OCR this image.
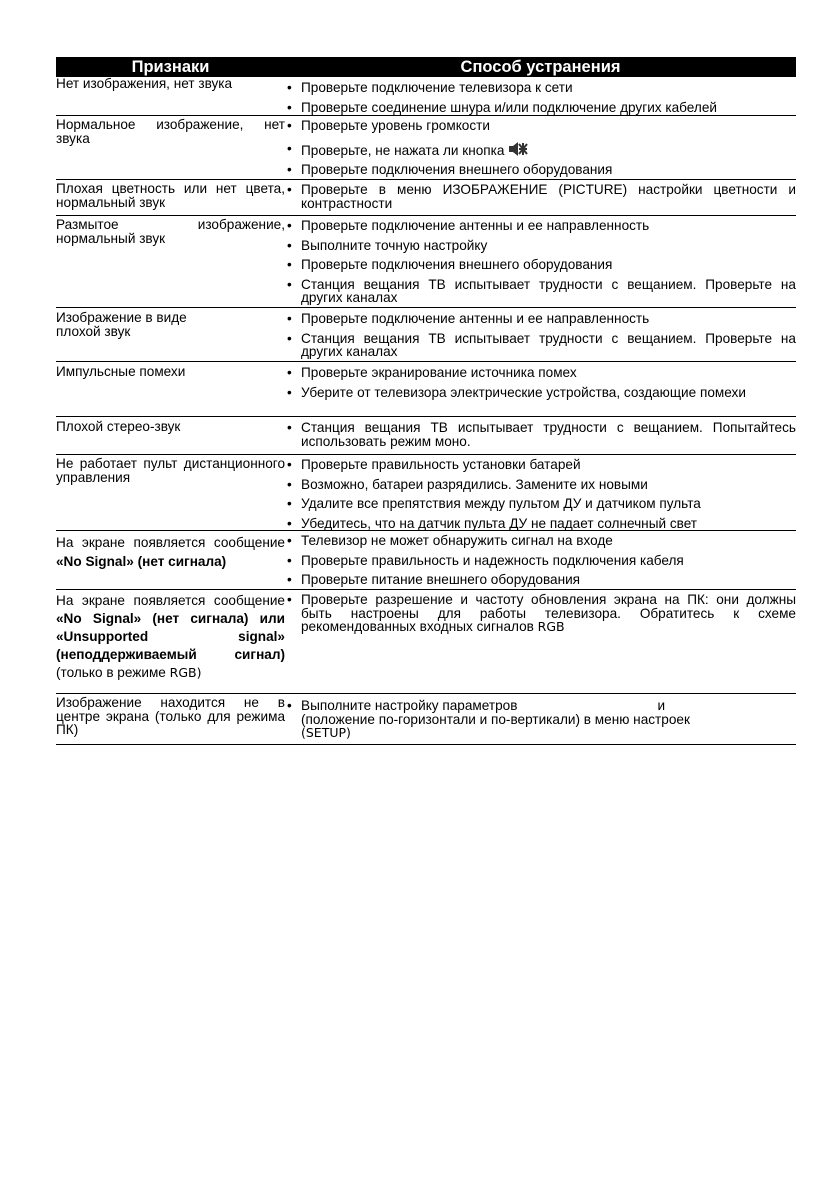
Признаки	Способ устранения
Нет изображения, нет звука	• Проверьте подключение телевизора к сети
• Проверьте соединение шнура и/или подключение других кабелей
Нормальное изображение, нет звука
• Проверьте уровень громкости
• Проверьте, не нажата ли кнопка
• Проверьте подключения внешнего оборудования
Плохая цветность или нет цвета, нормальный звук
• Проверьте в меню ИЗОБРАЖЕНИЕ (PICTURE) настройки цветности и контрастности
Размытое изображение, нормальный звук
• Проверьте подключение антенны и ее направленность
• Выполните точную настройку
• Проверьте подключения внешнего оборудования
• Станция вещания ТВ испытывает трудности с вещанием. Проверьте на других каналах
Изображение в виде
плохой звук
• Проверьте подключение антенны и ее направленность
• Станция вещания ТВ испытывает трудности с вещанием. Проверьте на других каналах
Импульсные помехи	• Проверьте экранирование источника помех
• Уберите от телевизора электрические устройства, создающие помехи
Плохой стерео-звук	• Станция вещания ТВ испытывает трудности с вещанием. Попытайтесь использовать режим моно.
Не работает пульт дистанционного управления
• Проверьте правильность установки батарей
• Возможно, батареи разрядились. Замените их новыми
• Удалите все препятствия между пультом ДУ и датчиком пульта
• Убедитесь, что на датчик пульта ДУ не падает солнечный свет
На экране появляется сообщение «No Signal» (нет сигнала)
• Телевизор не может обнаружить сигнал на входе
• Проверьте правильность и надежность подключения кабеля
• Проверьте питание внешнего оборудования
На экране появляется сообщение «No Signal» (нет сигнала) или «Unsupported signal» (неподдерживаемый сигнал) (только в режиме RGB)
• Проверьте разрешение и частоту обновления экрана на ПК: они должны быть настроены для работы телевизора. Обратитесь к схеме рекомендованных входных сигналов RGB
Изображение находится не в центре экрана (только для режима ПК)
• Выполните настройку параметров	и
(положение по-горизонтали и по-вертикали) в меню настроек
(SETUP)
